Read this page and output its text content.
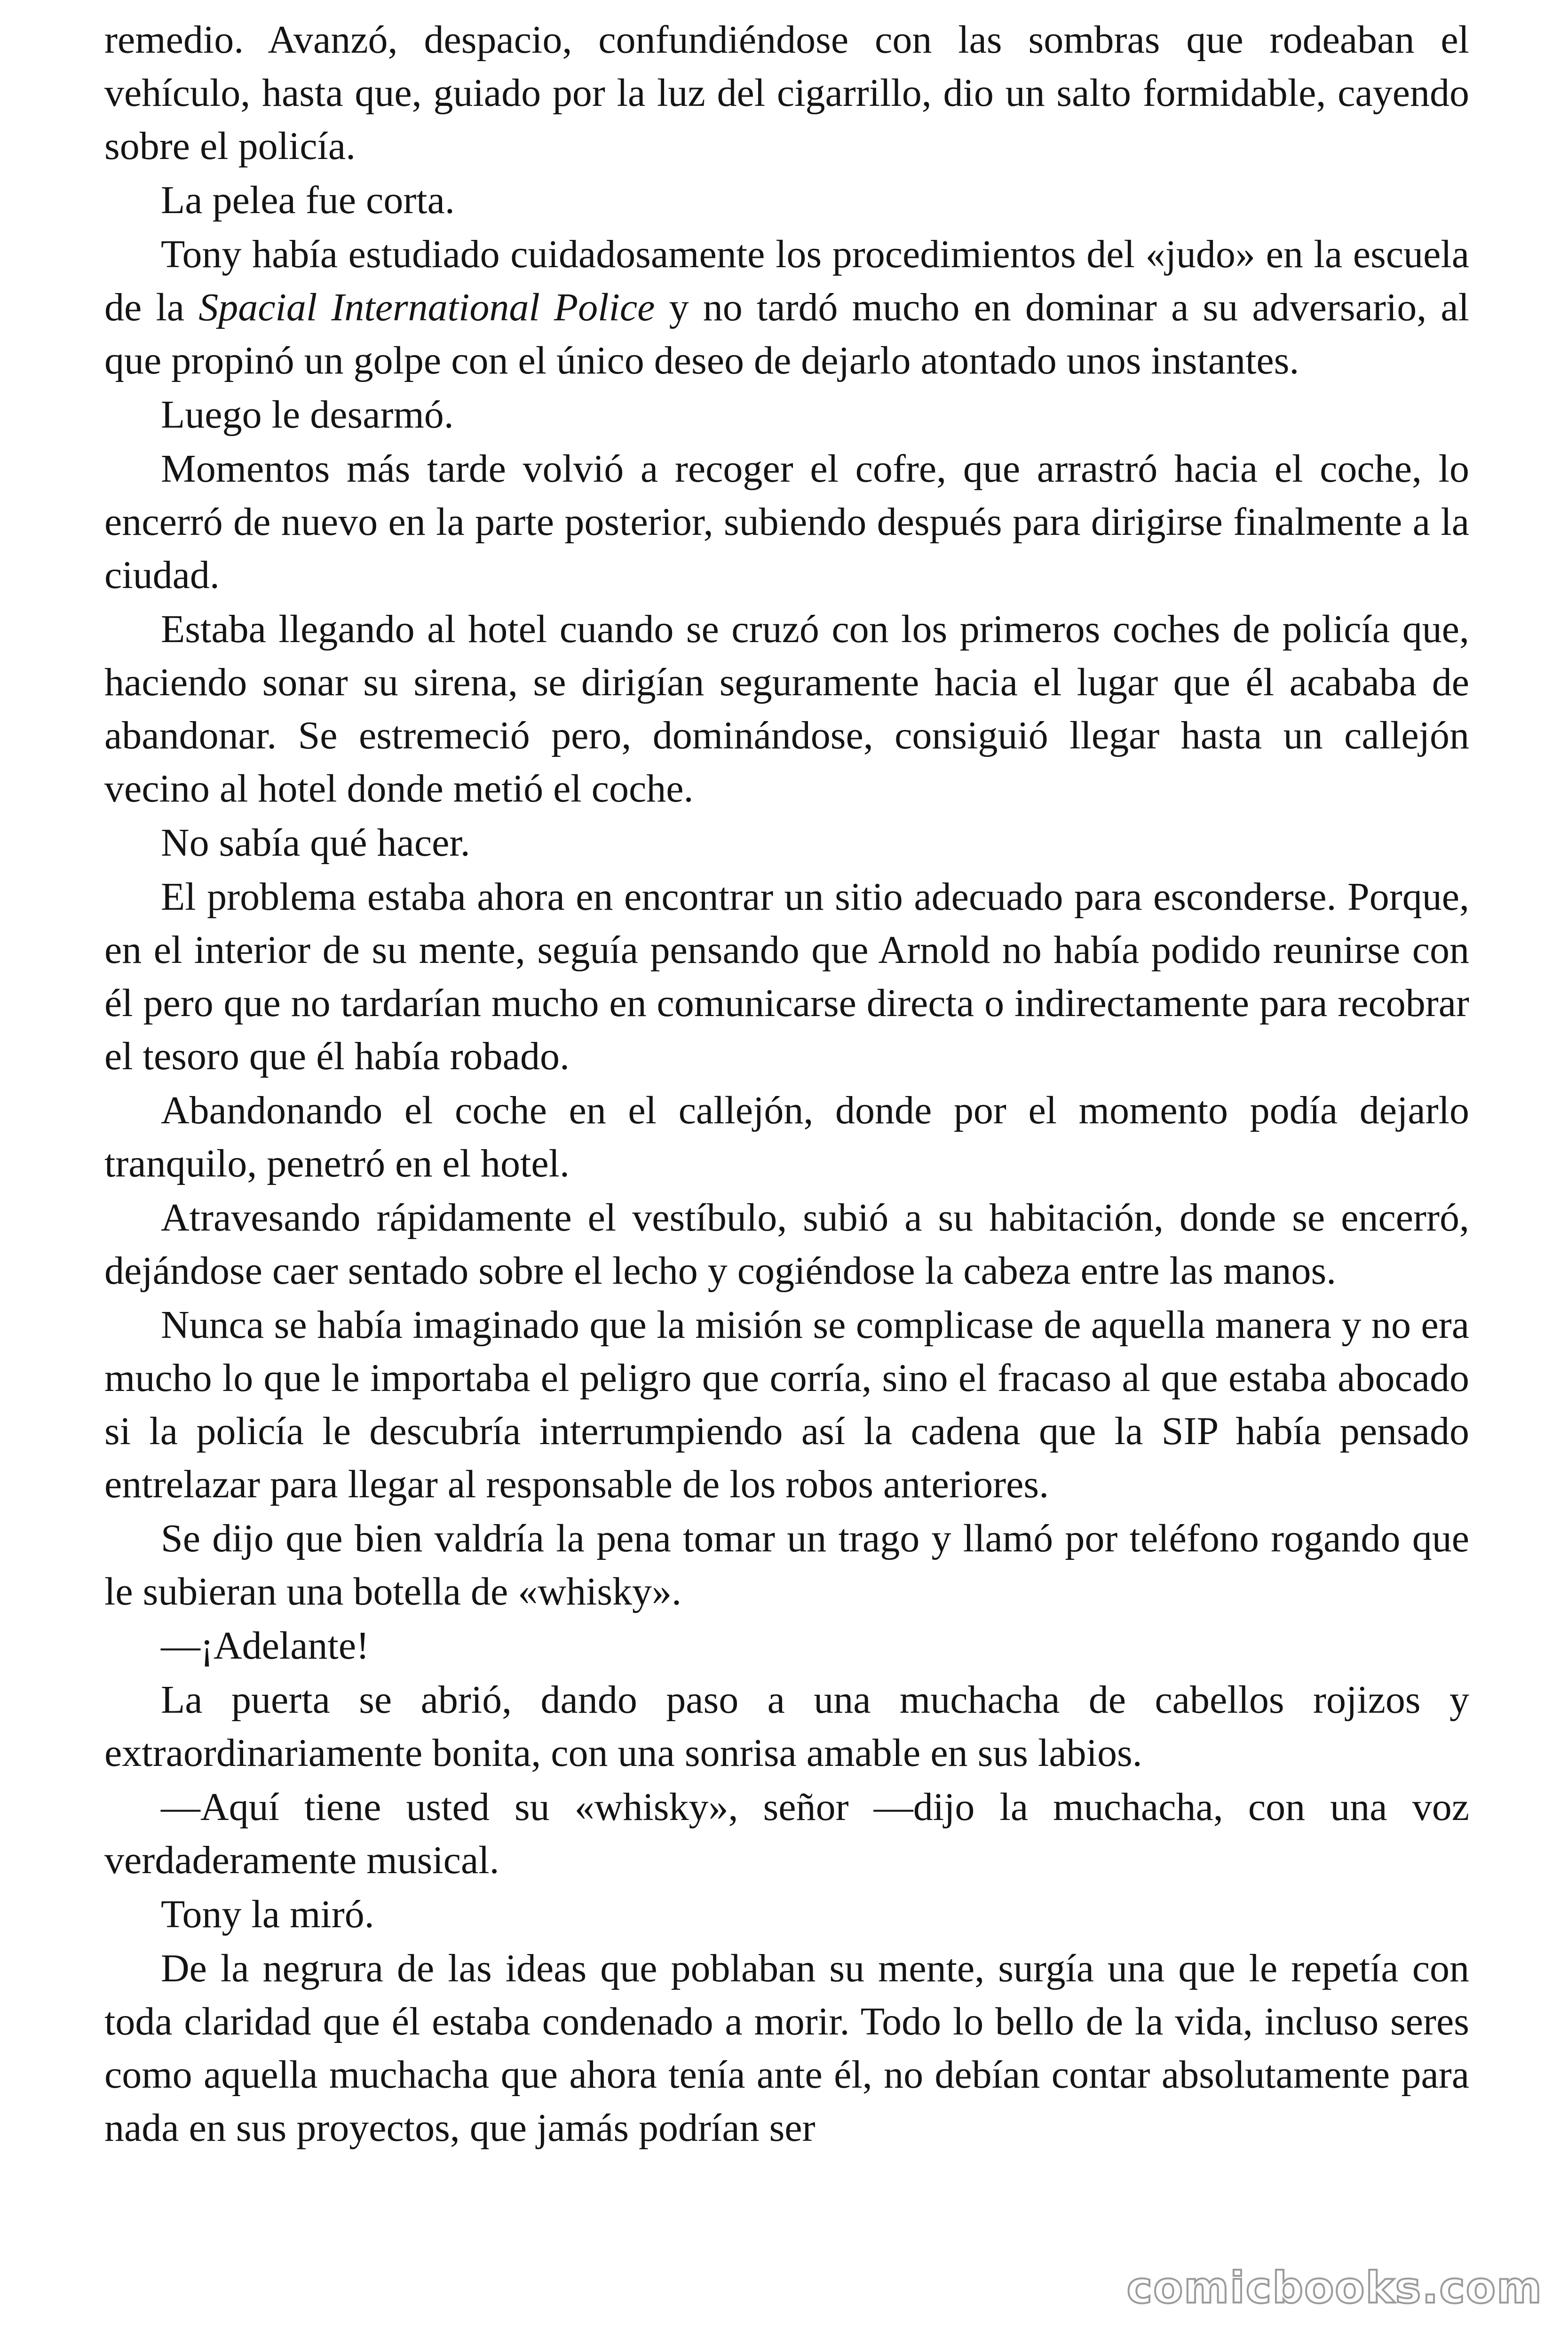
remedio. Avanzó, despacio, confundiéndose con las sombras que rodeaban el vehículo, hasta que, guiado por la luz del cigarrillo, dio un salto formidable, cayendo sobre el policía.

La pelea fue corta.

Tony había estudiado cuidadosamente los procedimientos del «judo» en la escuela de la Spacial International Police y no tardó mucho en dominar a su adversario, al que propinó un golpe con el único deseo de dejarlo atontado unos instantes.

Luego le desarmó.

Momentos más tarde volvió a recoger el cofre, que arrastró hacia el coche, lo encerró de nuevo en la parte posterior, subiendo después para dirigirse finalmente a la ciudad.

Estaba llegando al hotel cuando se cruzó con los primeros coches de policía que, haciendo sonar su sirena, se dirigían seguramente hacia el lugar que él acababa de abandonar. Se estremeció pero, dominándose, consiguió llegar hasta un callejón vecino al hotel donde metió el coche.

No sabía qué hacer.

El problema estaba ahora en encontrar un sitio adecuado para esconderse. Porque, en el interior de su mente, seguía pensando que Arnold no había podido reunirse con él pero que no tardarían mucho en comunicarse directa o indirectamente para recobrar el tesoro que él había robado.

Abandonando el coche en el callejón, donde por el momento podía dejarlo tranquilo, penetró en el hotel.

Atravesando rápidamente el vestíbulo, subió a su habitación, donde se encerró, dejándose caer sentado sobre el lecho y cogiéndose la cabeza entre las manos.

Nunca se había imaginado que la misión se complicase de aquella manera y no era mucho lo que le importaba el peligro que corría, sino el fracaso al que estaba abocado si la policía le descubría interrumpiendo así la cadena que la SIP había pensado entrelazar para llegar al responsable de los robos anteriores.

Se dijo que bien valdría la pena tomar un trago y llamó por teléfono rogando que le subieran una botella de «whisky».

—¡Adelante!

La puerta se abrió, dando paso a una muchacha de cabellos rojizos y extraordinariamente bonita, con una sonrisa amable en sus labios.

—Aquí tiene usted su «whisky», señor —dijo la muchacha, con una voz verdaderamente musical.

Tony la miró.

De la negrura de las ideas que poblaban su mente, surgía una que le repetía con toda claridad que él estaba condenado a morir. Todo lo bello de la vida, incluso seres como aquella muchacha que ahora tenía ante él, no debían contar absolutamente para nada en sus proyectos, que jamás podrían ser

comicbooks.com
